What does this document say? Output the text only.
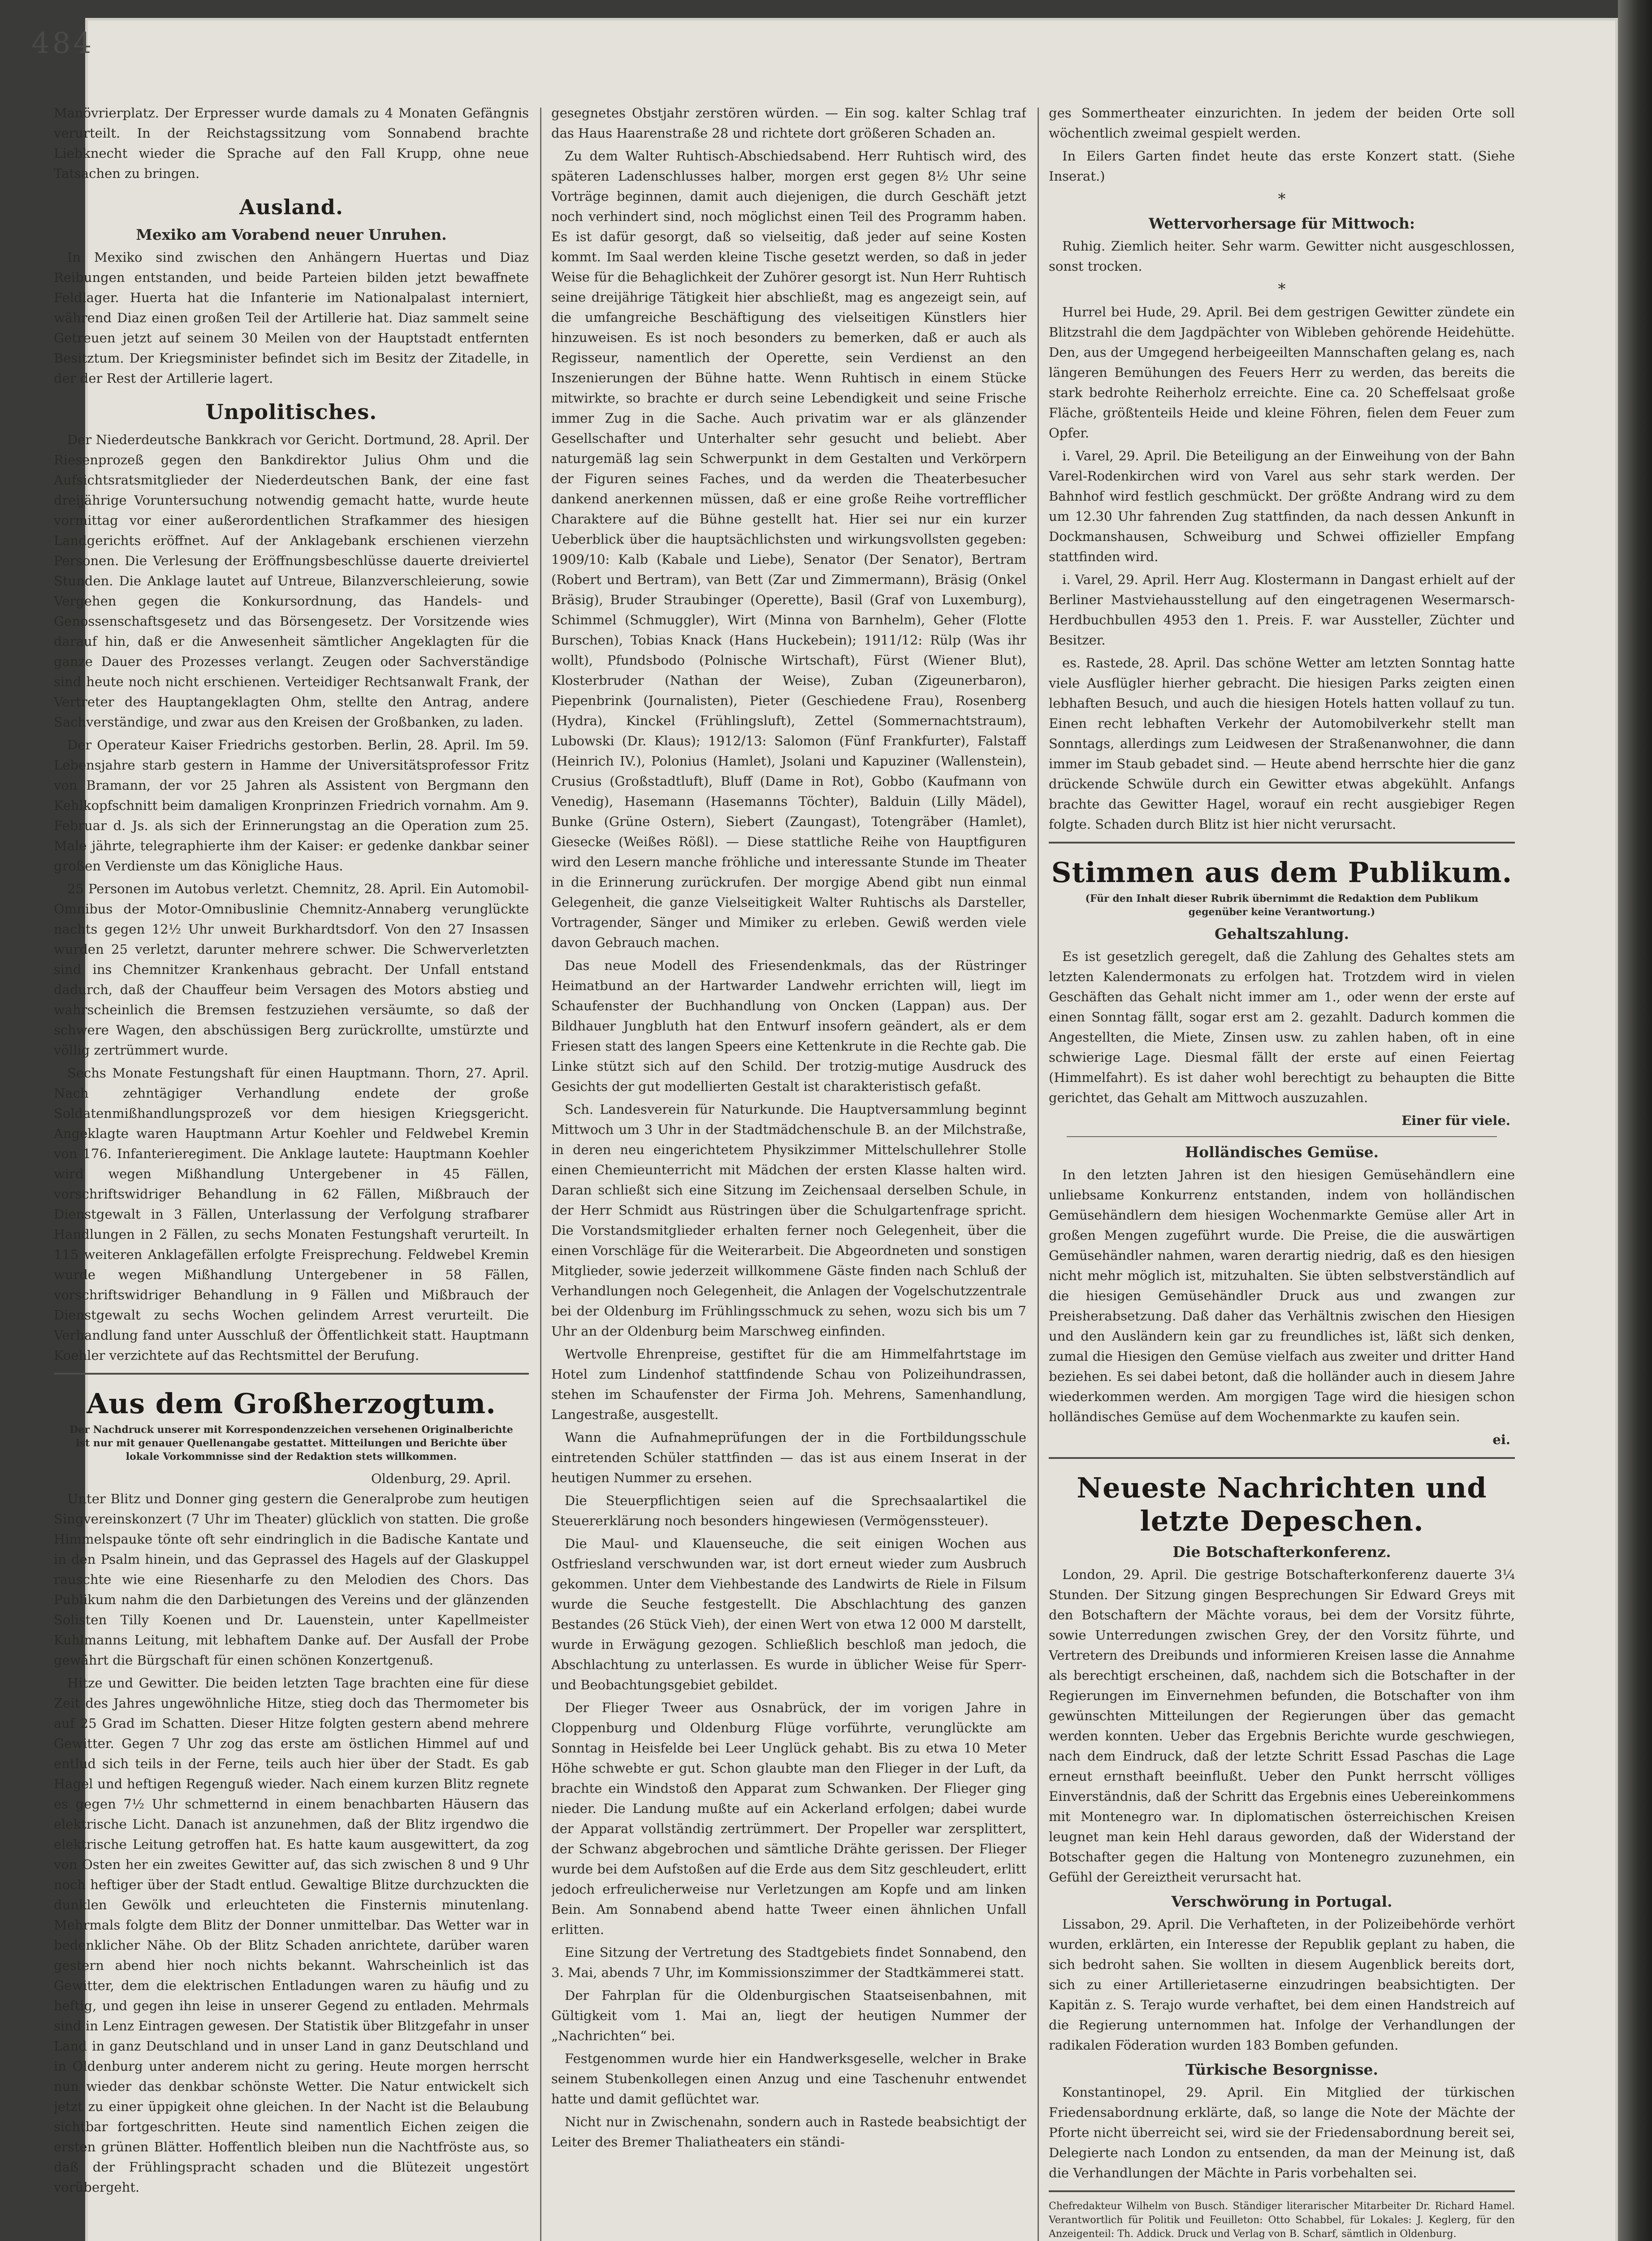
484

Manövrierplatz. Der Erpresser wurde damals zu 4 Monaten Gefängnis verurteilt. In der Reichstagssitzung vom Sonnabend brachte Liebknecht wieder die Sprache auf den Fall Krupp, ohne neue Tatsachen zu bringen.

Ausland.
Mexiko am Vorabend neuer Unruhen.

In Mexiko sind zwischen den Anhängern Huertas und Diaz Reibungen entstanden, und beide Parteien bilden jetzt bewaffnete Feldlager. Huerta hat die Infanterie im Nationalpalast interniert, während Diaz einen großen Teil der Artillerie hat. Diaz sammelt seine Getreuen jetzt auf seinem 30 Meilen von der Hauptstadt entfernten Besitztum. Der Kriegsminister befindet sich im Besitz der Zitadelle, in der der Rest der Artillerie lagert.

Unpolitisches.

Der Niederdeutsche Bankkrach vor Gericht. Dortmund, 28. April. Der Riesenprozeß gegen den Bankdirektor Julius Ohm und die Aufsichtsratsmitglieder der Niederdeutschen Bank, der eine fast dreijährige Voruntersuchung notwendig gemacht hatte, wurde heute vormittag vor einer außerordentlichen Strafkammer des hiesigen Landgerichts eröffnet. Auf der Anklagebank erschienen vierzehn Personen. Die Verlesung der Eröffnungsbeschlüsse dauerte dreiviertel Stunden. Die Anklage lautet auf Untreue, Bilanzverschleierung, sowie Vergehen gegen die Konkursordnung, das Handels- und Genossenschaftsgesetz und das Börsengesetz. Der Vorsitzende wies darauf hin, daß er die Anwesenheit sämtlicher Angeklagten für die ganze Dauer des Prozesses verlangt. Zeugen oder Sachverständige sind heute noch nicht erschienen. Verteidiger Rechtsanwalt Frank, der Vertreter des Hauptangeklagten Ohm, stellte den Antrag, andere Sachverständige, und zwar aus den Kreisen der Großbanken, zu laden.

Der Operateur Kaiser Friedrichs gestorben. Berlin, 28. April. Im 59. Lebensjahre starb gestern in Hamme der Universitätsprofessor Fritz von Bramann, der vor 25 Jahren als Assistent von Bergmann den Kehlkopfschnitt beim damaligen Kronprinzen Friedrich vornahm. Am 9. Februar d. Js. als sich der Erinnerungstag an die Operation zum 25. Male jährte, telegraphierte ihm der Kaiser: er gedenke dankbar seiner großen Verdienste um das Königliche Haus.

25 Personen im Autobus verletzt. Chemnitz, 28. April. Ein Automobil-Omnibus der Motor-Omnibuslinie Chemnitz-Annaberg verunglückte nachts gegen 12½ Uhr unweit Burkhardtsdorf. Von den 27 Insassen wurden 25 verletzt, darunter mehrere schwer. Die Schwerverletzten sind ins Chemnitzer Krankenhaus gebracht. Der Unfall entstand dadurch, daß der Chauffeur beim Versagen des Motors abstieg und wahrscheinlich die Bremsen festzuziehen versäumte, so daß der schwere Wagen, den abschüssigen Berg zurückrollte, umstürzte und völlig zertrümmert wurde.

Sechs Monate Festungshaft für einen Hauptmann. Thorn, 27. April. Nach zehntägiger Verhandlung endete der große Soldatenmißhandlungsprozeß vor dem hiesigen Kriegsgericht. Angeklagte waren Hauptmann Artur Koehler und Feldwebel Kremin von 176. Infanterieregiment. Die Anklage lautete: Hauptmann Koehler wird wegen Mißhandlung Untergebener in 45 Fällen, vorschriftswidriger Behandlung in 62 Fällen, Mißbrauch der Dienstgewalt in 3 Fällen, Unterlassung der Verfolgung strafbarer Handlungen in 2 Fällen, zu sechs Monaten Festungshaft verurteilt. In 115 weiteren Anklagefällen erfolgte Freisprechung. Feldwebel Kremin wurde wegen Mißhandlung Untergebener in 58 Fällen, vorschriftswidriger Behandlung in 9 Fällen und Mißbrauch der Dienstgewalt zu sechs Wochen gelindem Arrest verurteilt. Die Verhandlung fand unter Ausschluß der Öffentlichkeit statt. Hauptmann Koehler verzichtete auf das Rechtsmittel der Berufung.

Aus dem Großherzogtum.
Der Nachdruck unserer mit Korrespondenzzeichen versehenen Originalberichte ist nur mit genauer Quellenangabe gestattet. Mitteilungen und Berichte über lokale Vorkommnisse sind der Redaktion stets willkommen.
Oldenburg, 29. April.

Unter Blitz und Donner ging gestern die Generalprobe zum heutigen Singvereinskonzert (7 Uhr im Theater) glücklich von statten. Die große Himmelspauke tönte oft sehr eindringlich in die Badische Kantate und in den Psalm hinein, und das Geprassel des Hagels auf der Glaskuppel rauschte wie eine Riesenharfe zu den Melodien des Chors. Das Publikum nahm die den Darbietungen des Vereins und der glänzenden Solisten Tilly Koenen und Dr. Lauenstein, unter Kapellmeister Kuhlmanns Leitung, mit lebhaftem Danke auf. Der Ausfall der Probe gewährt die Bürgschaft für einen schönen Konzertgenuß.

Hitze und Gewitter. Die beiden letzten Tage brachten eine für diese Zeit des Jahres ungewöhnliche Hitze, stieg doch das Thermometer bis auf 25 Grad im Schatten. Dieser Hitze folgten gestern abend mehrere Gewitter. Gegen 7 Uhr zog das erste am östlichen Himmel auf und entlud sich teils in der Ferne, teils auch hier über der Stadt. Es gab Hagel und heftigen Regenguß wieder. Nach einem kurzen Blitz regnete es gegen 7½ Uhr schmetternd in einem benachbarten Häusern das elektrische Licht. Danach ist anzunehmen, daß der Blitz irgendwo die elektrische Leitung getroffen hat. Es hatte kaum ausgewittert, da zog von Osten her ein zweites Gewitter auf, das sich zwischen 8 und 9 Uhr noch heftiger über der Stadt entlud. Gewaltige Blitze durchzuckten die dunklen Gewölk und erleuchteten die Finsternis minutenlang. Mehrmals folgte dem Blitz der Donner unmittelbar. Das Wetter war in bedenklicher Nähe. Ob der Blitz Schaden anrichtete, darüber waren gestern abend hier noch nichts bekannt. Wahrscheinlich ist das Gewitter, dem die elektrischen Entladungen waren zu häufig und zu heftig, und gegen ihn leise in unserer Gegend zu entladen. Mehrmals sind in Lenz Eintragen gewesen. Der Statistik über Blitzgefahr in unser Land in ganz Deutschland und in unser Land in ganz Deutschland und in Oldenburg unter anderem nicht zu gering. Heute morgen herrscht nun wieder das denkbar schönste Wetter. Die Natur entwickelt sich jetzt zu einer üppigkeit ohne gleichen. In der Nacht ist die Belaubung sichtbar fortgeschritten. Heute sind namentlich Eichen zeigen die ersten grünen Blätter. Hoffentlich bleiben nun die Nachtfröste aus, so daß der Frühlingspracht schaden und die Blütezeit ungestört vorübergeht.

gesegnetes Obstjahr zerstören würden. — Ein sog. kalter Schlag traf das Haus Haarenstraße 28 und richtete dort größeren Schaden an.

Zu dem Walter Ruhtisch-Abschiedsabend. Herr Ruhtisch wird, des späteren Ladenschlusses halber, morgen erst gegen 8½ Uhr seine Vorträge beginnen, damit auch diejenigen, die durch Geschäft jetzt noch verhindert sind, noch möglichst einen Teil des Programm haben. Es ist dafür gesorgt, daß so vielseitig, daß jeder auf seine Kosten kommt. Im Saal werden kleine Tische gesetzt werden, so daß in jeder Weise für die Behaglichkeit der Zuhörer gesorgt ist. Nun Herr Ruhtisch seine dreijährige Tätigkeit hier abschließt, mag es angezeigt sein, auf die umfangreiche Beschäftigung des vielseitigen Künstlers hier hinzuweisen. Es ist noch besonders zu bemerken, daß er auch als Regisseur, namentlich der Operette, sein Verdienst an den Inszenierungen der Bühne hatte. Wenn Ruhtisch in einem Stücke mitwirkte, so brachte er durch seine Lebendigkeit und seine Frische immer Zug in die Sache. Auch privatim war er als glänzender Gesellschafter und Unterhalter sehr gesucht und beliebt. Aber naturgemäß lag sein Schwerpunkt in dem Gestalten und Verkörpern der Figuren seines Faches, und da werden die Theaterbesucher dankend anerkennen müssen, daß er eine große Reihe vortrefflicher Charaktere auf die Bühne gestellt hat. Hier sei nur ein kurzer Ueberblick über die hauptsächlichsten und wirkungsvollsten gegeben: 1909/10: Kalb (Kabale und Liebe), Senator (Der Senator), Bertram (Robert und Bertram), van Bett (Zar und Zimmermann), Bräsig (Onkel Bräsig), Bruder Straubinger (Operette), Basil (Graf von Luxemburg), Schimmel (Schmuggler), Wirt (Minna von Barnhelm), Geher (Flotte Burschen), Tobias Knack (Hans Huckebein); 1911/12: Rülp (Was ihr wollt), Pfundsbodo (Polnische Wirtschaft), Fürst (Wiener Blut), Klosterbruder (Nathan der Weise), Zuban (Zigeunerbaron), Piepenbrink (Journalisten), Pieter (Geschiedene Frau), Rosenberg (Hydra), Kinckel (Frühlingsluft), Zettel (Sommernachtstraum), Lubowski (Dr. Klaus); 1912/13: Salomon (Fünf Frankfurter), Falstaff (Heinrich IV.), Polonius (Hamlet), Jsolani und Kapuziner (Wallenstein), Crusius (Großstadtluft), Bluff (Dame in Rot), Gobbo (Kaufmann von Venedig), Hasemann (Hasemanns Töchter), Balduin (Lilly Mädel), Bunke (Grüne Ostern), Siebert (Zaungast), Totengräber (Hamlet), Giesecke (Weißes Rößl). — Diese stattliche Reihe von Hauptfiguren wird den Lesern manche fröhliche und interessante Stunde im Theater in die Erinnerung zurückrufen. Der morgige Abend gibt nun einmal Gelegenheit, die ganze Vielseitigkeit Walter Ruhtischs als Darsteller, Vortragender, Sänger und Mimiker zu erleben. Gewiß werden viele davon Gebrauch machen.

Das neue Modell des Friesendenkmals, das der Rüstringer Heimatbund an der Hartwarder Landwehr errichten will, liegt im Schaufenster der Buchhandlung von Oncken (Lappan) aus. Der Bildhauer Jungbluth hat den Entwurf insofern geändert, als er dem Friesen statt des langen Speers eine Kettenkrute in die Rechte gab. Die Linke stützt sich auf den Schild. Der trotzig-mutige Ausdruck des Gesichts der gut modellierten Gestalt ist charakteristisch gefaßt.

Sch. Landesverein für Naturkunde. Die Hauptversammlung beginnt Mittwoch um 3 Uhr in der Stadtmädchenschule B. an der Milchstraße, in deren neu eingerichtetem Physikzimmer Mittelschullehrer Stolle einen Chemieunterricht mit Mädchen der ersten Klasse halten wird. Daran schließt sich eine Sitzung im Zeichensaal derselben Schule, in der Herr Schmidt aus Rüstringen über die Schulgartenfrage spricht. Die Vorstandsmitglieder erhalten ferner noch Gelegenheit, über die einen Vorschläge für die Weiterarbeit. Die Abgeordneten und sonstigen Mitglieder, sowie jederzeit willkommene Gäste finden nach Schluß der Verhandlungen noch Gelegenheit, die Anlagen der Vogelschutzzentrale bei der Oldenburg im Frühlingsschmuck zu sehen, wozu sich bis um 7 Uhr an der Oldenburg beim Marschweg einfinden.

Wertvolle Ehrenpreise, gestiftet für die am Himmelfahrtstage im Hotel zum Lindenhof stattfindende Schau von Polizeihundrassen, stehen im Schaufenster der Firma Joh. Mehrens, Samenhandlung, Langestraße, ausgestellt.

Wann die Aufnahmeprüfungen der in die Fortbildungsschule eintretenden Schüler stattfinden — das ist aus einem Inserat in der heutigen Nummer zu ersehen.

Die Steuerpflichtigen seien auf die Sprechsaalartikel die Steuererklärung noch besonders hingewiesen (Vermögenssteuer).

Die Maul- und Klauenseuche, die seit einigen Wochen aus Ostfriesland verschwunden war, ist dort erneut wieder zum Ausbruch gekommen. Unter dem Viehbestande des Landwirts de Riele in Filsum wurde die Seuche festgestellt. Die Abschlachtung des ganzen Bestandes (26 Stück Vieh), der einen Wert von etwa 12 000 M darstellt, wurde in Erwägung gezogen. Schließlich beschloß man jedoch, die Abschlachtung zu unterlassen. Es wurde in üblicher Weise für Sperr- und Beobachtungsgebiet gebildet.

Der Flieger Tweer aus Osnabrück, der im vorigen Jahre in Cloppenburg und Oldenburg Flüge vorführte, verunglückte am Sonntag in Heisfelde bei Leer Unglück gehabt. Bis zu etwa 10 Meter Höhe schwebte er gut. Schon glaubte man den Flieger in der Luft, da brachte ein Windstoß den Apparat zum Schwanken. Der Flieger ging nieder. Die Landung mußte auf ein Ackerland erfolgen; dabei wurde der Apparat vollständig zertrümmert. Der Propeller war zersplittert, der Schwanz abgebrochen und sämtliche Drähte gerissen. Der Flieger wurde bei dem Aufstoßen auf die Erde aus dem Sitz geschleudert, erlitt jedoch erfreulicherweise nur Verletzungen am Kopfe und am linken Bein. Am Sonnabend abend hatte Tweer einen ähnlichen Unfall erlitten.

Eine Sitzung der Vertretung des Stadtgebiets findet Sonnabend, den 3. Mai, abends 7 Uhr, im Kommissionszimmer der Stadtkämmerei statt.

Der Fahrplan für die Oldenburgischen Staatseisenbahnen, mit Gültigkeit vom 1. Mai an, liegt der heutigen Nummer der „Nachrichten“ bei.

Festgenommen wurde hier ein Handwerksgeselle, welcher in Brake seinem Stubenkollegen einen Anzug und eine Taschenuhr entwendet hatte und damit geflüchtet war.

Nicht nur in Zwischenahn, sondern auch in Rastede beabsichtigt der Leiter des Bremer Thaliatheaters ein ständi-

ges Sommertheater einzurichten. In jedem der beiden Orte soll wöchentlich zweimal gespielt werden.

In Eilers Garten findet heute das erste Konzert statt. (Siehe Inserat.)

*
Wettervorhersage für Mittwoch:

Ruhig. Ziemlich heiter. Sehr warm. Gewitter nicht ausgeschlossen, sonst trocken.

*

Hurrel bei Hude, 29. April. Bei dem gestrigen Gewitter zündete ein Blitzstrahl die dem Jagdpächter von Wibleben gehörende Heidehütte. Den, aus der Umgegend herbeigeeilten Mannschaften gelang es, nach längeren Bemühungen des Feuers Herr zu werden, das bereits die stark bedrohte Reiherholz erreichte. Eine ca. 20 Scheffelsaat große Fläche, größtenteils Heide und kleine Föhren, fielen dem Feuer zum Opfer.

i. Varel, 29. April. Die Beteiligung an der Einweihung von der Bahn Varel-Rodenkirchen wird von Varel aus sehr stark werden. Der Bahnhof wird festlich geschmückt. Der größte Andrang wird zu dem um 12.30 Uhr fahrenden Zug stattfinden, da nach dessen Ankunft in Dockmanshausen, Schweiburg und Schwei offizieller Empfang stattfinden wird.

i. Varel, 29. April. Herr Aug. Klostermann in Dangast erhielt auf der Berliner Mastviehausstellung auf den eingetragenen Wesermarsch-Herdbuchbullen 4953 den 1. Preis. F. war Aussteller, Züchter und Besitzer.

es. Rastede, 28. April. Das schöne Wetter am letzten Sonntag hatte viele Ausflügler hierher gebracht. Die hiesigen Parks zeigten einen lebhaften Besuch, und auch die hiesigen Hotels hatten vollauf zu tun. Einen recht lebhaften Verkehr der Automobilverkehr stellt man Sonntags, allerdings zum Leidwesen der Straßenanwohner, die dann immer im Staub gebadet sind. — Heute abend herrschte hier die ganz drückende Schwüle durch ein Gewitter etwas abgekühlt. Anfangs brachte das Gewitter Hagel, worauf ein recht ausgiebiger Regen folgte. Schaden durch Blitz ist hier nicht verursacht.

Stimmen aus dem Publikum.
(Für den Inhalt dieser Rubrik übernimmt die Redaktion dem Publikum gegenüber keine Verantwortung.)
Gehaltszahlung.

Es ist gesetzlich geregelt, daß die Zahlung des Gehaltes stets am letzten Kalendermonats zu erfolgen hat. Trotzdem wird in vielen Geschäften das Gehalt nicht immer am 1., oder wenn der erste auf einen Sonntag fällt, sogar erst am 2. gezahlt. Dadurch kommen die Angestellten, die Miete, Zinsen usw. zu zahlen haben, oft in eine schwierige Lage. Diesmal fällt der erste auf einen Feiertag (Himmelfahrt). Es ist daher wohl berechtigt zu behaupten die Bitte gerichtet, das Gehalt am Mittwoch auszuzahlen.

Einer für viele.
Holländisches Gemüse.

In den letzten Jahren ist den hiesigen Gemüsehändlern eine unliebsame Konkurrenz entstanden, indem von holländischen Gemüsehändlern dem hiesigen Wochenmarkte Gemüse aller Art in großen Mengen zugeführt wurde. Die Preise, die die auswärtigen Gemüsehändler nahmen, waren derartig niedrig, daß es den hiesigen nicht mehr möglich ist, mitzuhalten. Sie übten selbstverständlich auf die hiesigen Gemüsehändler Druck aus und zwangen zur Preisherabsetzung. Daß daher das Verhältnis zwischen den Hiesigen und den Ausländern kein gar zu freundliches ist, läßt sich denken, zumal die Hiesigen den Gemüse vielfach aus zweiter und dritter Hand beziehen. Es sei dabei betont, daß die holländer auch in diesem Jahre wiederkommen werden. Am morgigen Tage wird die hiesigen schon holländisches Gemüse auf dem Wochenmarkte zu kaufen sein.

ei.
Neueste Nachrichten und letzte Depeschen.
Die Botschafterkonferenz.

London, 29. April. Die gestrige Botschafterkonferenz dauerte 3¼ Stunden. Der Sitzung gingen Besprechungen Sir Edward Greys mit den Botschaftern der Mächte voraus, bei dem der Vorsitz führte, sowie Unterredungen zwischen Grey, der den Vorsitz führte, und Vertretern des Dreibunds und informieren Kreisen lasse die Annahme als berechtigt erscheinen, daß, nachdem sich die Botschafter in der Regierungen im Einvernehmen befunden, die Botschafter von ihm gewünschten Mitteilungen der Regierungen über das gemacht werden konnten. Ueber das Ergebnis Berichte wurde geschwiegen, nach dem Eindruck, daß der letzte Schritt Essad Paschas die Lage erneut ernsthaft beeinflußt. Ueber den Punkt herrscht völliges Einverständnis, daß der Schritt das Ergebnis eines Uebereinkommens mit Montenegro war. In diplomatischen österreichischen Kreisen leugnet man kein Hehl daraus geworden, daß der Widerstand der Botschafter gegen die Haltung von Montenegro zuzunehmen, ein Gefühl der Gereiztheit verursacht hat.

Verschwörung in Portugal.

Lissabon, 29. April. Die Verhafteten, in der Polizeibehörde verhört wurden, erklärten, ein Interesse der Republik geplant zu haben, die sich bedroht sahen. Sie wollten in diesem Augenblick bereits dort, sich zu einer Artillerietaserne einzudringen beabsichtigten. Der Kapitän z. S. Terajo wurde verhaftet, bei dem einen Handstreich auf die Regierung unternommen hat. Infolge der Verhandlungen der radikalen Föderation wurden 183 Bomben gefunden.

Türkische Besorgnisse.

Konstantinopel, 29. April. Ein Mitglied der türkischen Friedensabordnung erklärte, daß, so lange die Note der Mächte der Pforte nicht überreicht sei, wird sie der Friedensabordnung bereit sei, Delegierte nach London zu entsenden, da man der Meinung ist, daß die Verhandlungen der Mächte in Paris vorbehalten sei.

Chefredakteur Wilhelm von Busch. Ständiger literarischer Mitarbeiter Dr. Richard Hamel. Verantwortlich für Politik und Feuilleton: Otto Schabbel, für Lokales: J. Keglerg, für den Anzeigenteil: Th. Addick. Druck und Verlag von B. Scharf, sämtlich in Oldenburg.
